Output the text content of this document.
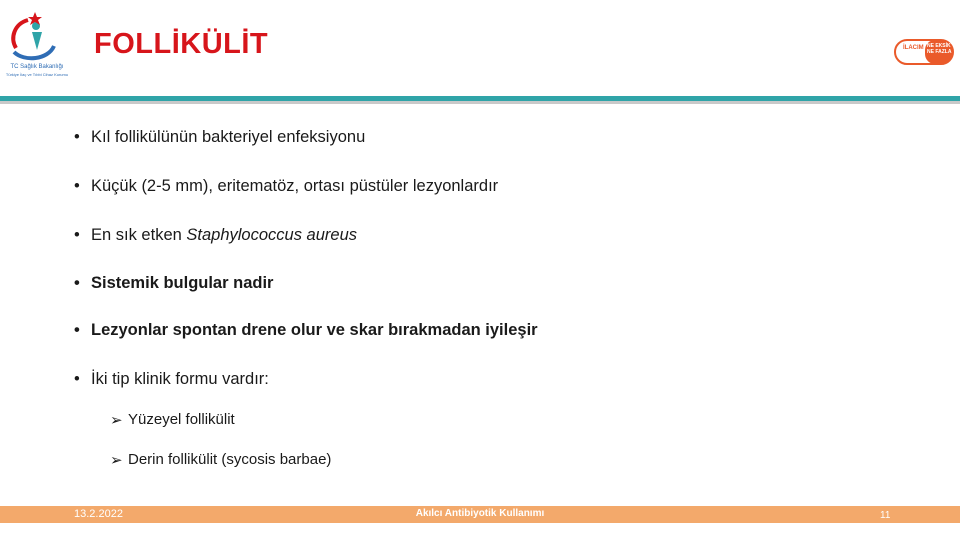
TC Sağlık Bakanlığı
Türkiye İlaç ve Tıbbi Cihaz Kurumu
FOLLİKÜLİT	İLACIM NE EKSİK NE FAZLA
• Kıl follikülünün bakteriyel enfeksiyonu
• Küçük (2-5 mm), eritematöz, ortası püstüler lezyonlardır
• En sık etken Staphylococcus aureus
• Sistemik bulgular nadir
• Lezyonlar spontan drene olur ve skar bırakmadan iyileşir
• İki tip klinik formu vardır:
➢ Yüzeyel follikülit
➢ Derin follikülit (sycosis barbae)
13.2.2022	Akılcı Antibiyotik Kullanımı	11
